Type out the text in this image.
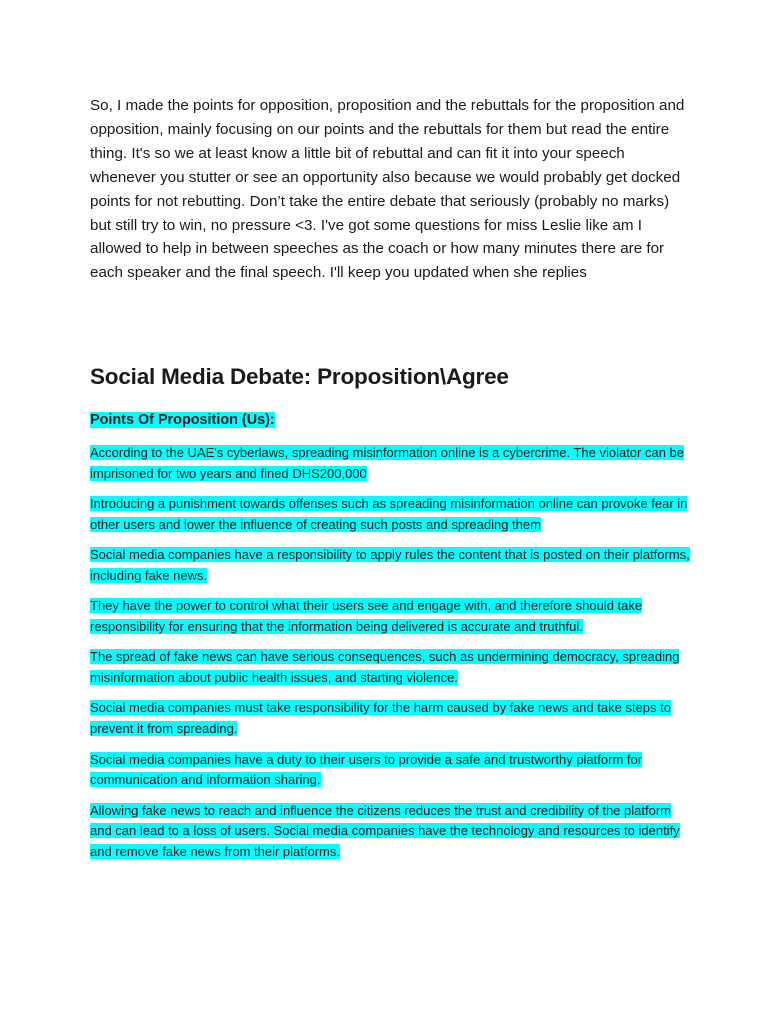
So, I made the points for opposition, proposition and the rebuttals for the proposition and opposition, mainly focusing on our points and the rebuttals for them but read the entire thing. It's so we at least know a little bit of rebuttal and can fit it into your speech whenever you stutter or see an opportunity also because we would probably get docked points for not rebutting. Don’t take the entire debate that seriously (probably no marks) but still try to win, no pressure <3. I've got some questions for miss Leslie like am I allowed to help in between speeches as the coach or how many minutes there are for each speaker and the final speech. I'll keep you updated when she replies

Social Media Debate: Proposition\Agree
Points Of Proposition (Us):
According to the UAE's cyberlaws, spreading misinformation online is a cybercrime. The violator can be imprisoned for two years and fined DHS200,000
Introducing a punishment towards offenses such as spreading misinformation online can provoke fear in other users and lower the influence of creating such posts and spreading them
Social media companies have a responsibility to apply rules the content that is posted on their platforms, including fake news.
They have the power to control what their users see and engage with, and therefore should take responsibility for ensuring that the information being delivered is accurate and truthful.
The spread of fake news can have serious consequences, such as undermining democracy, spreading misinformation about public health issues, and starting violence.
Social media companies must take responsibility for the harm caused by fake news and take steps to prevent it from spreading.
Social media companies have a duty to their users to provide a safe and trustworthy platform for communication and information sharing.
Allowing fake news to reach and influence the citizens reduces the trust and credibility of the platform and can lead to a loss of users. Social media companies have the technology and resources to identify and remove fake news from their platforms.
